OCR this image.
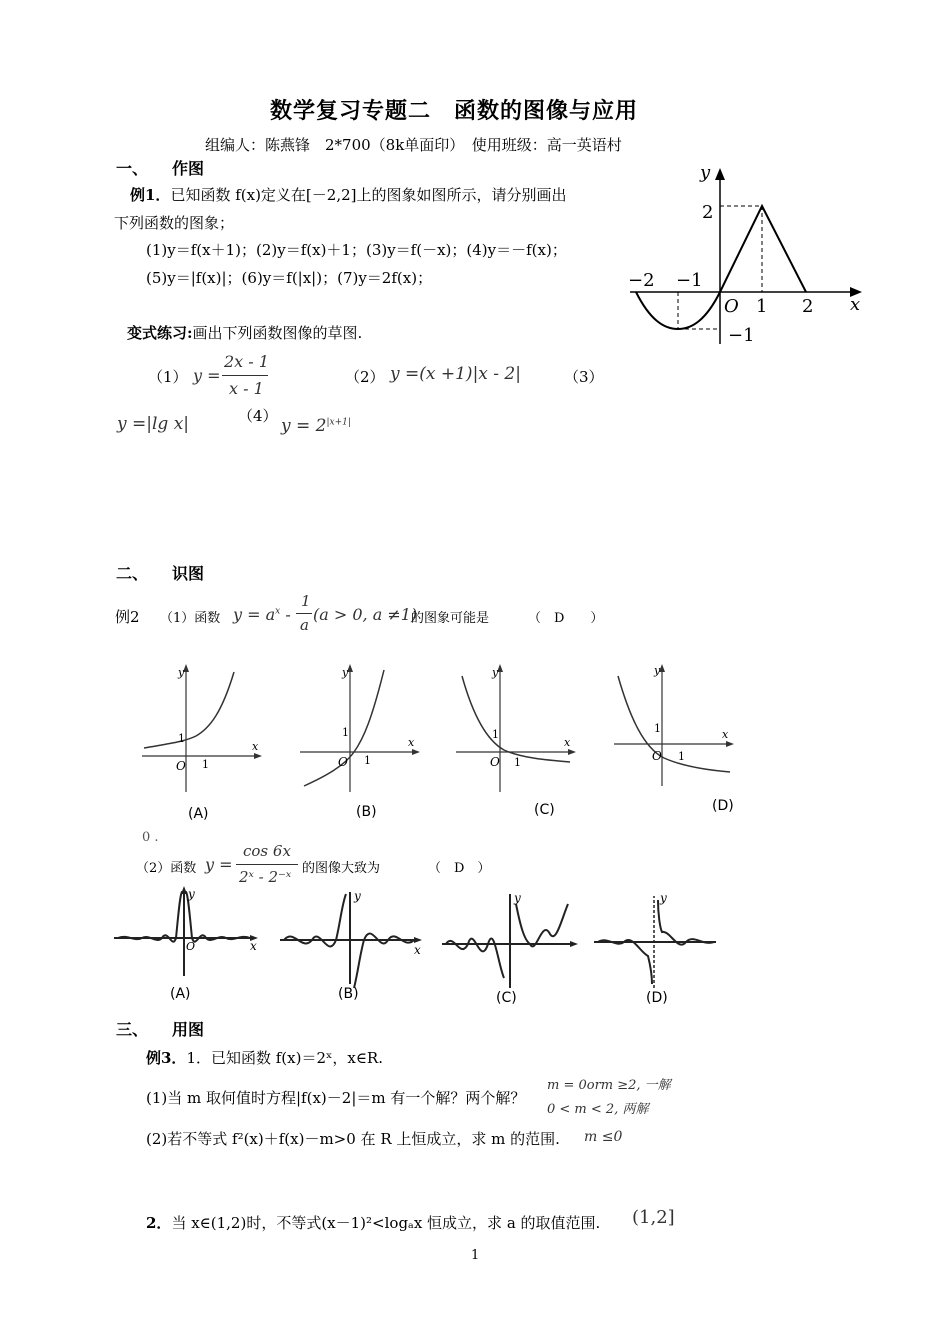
数学复习专题二　函数的图像与应用
组编人：陈燕锋　2*700（8k单面印）　使用班级：高一英语村
一、　　作图
例1．已知函数 f(x)定义在[－2,2]上的图象如图所示，请分别画出
下列函数的图象；
(1)y＝f(x＋1)；(2)y＝f(x)＋1；(3)y＝f(－x)；(4)y＝－f(x)；
(5)y＝|f(x)|；(6)y＝f(|x|)；(7)y＝2f(x)；
y
x
O
2
−1
−2 −1
1 2
变式练习:画出下列函数图像的草图.
（1） y =
2x - 1
x - 1
（2） y =(x +1)|x - 2|	（3）
y =|lg x|	（4） $y = 2^{|x+1|}$
二、　　识图
例2 （1）函数 $y = a^x$ -
1
a
(a > 0, a ≠1)
的图象可能是	（　D　　）
y
x
O
1
1
(A)
y
x
O
1
1
(B)
y
x
O
1
1
(C)
y
x
O
1
1
(D)
0 .
（2）函数 y =
cos 6x
2ˣ - 2⁻ˣ 的图像大致为	（　D　）
y
x
O
(A)
y
x
(B)
y
(C)
y
(D)
三、　　用图
例3．1．已知函数 f(x)＝2ˣ，x∈R.
(1)当 m 取何值时方程|f(x)－2|＝m 有一个解？两个解？
m = 0orm ≥2, 一解
0 < m < 2, 两解
(2)若不等式 f²(x)＋f(x)－m>0 在 R 上恒成立，求 m 的范围. m ≤0
2．当 x∈(1,2)时，不等式(x－1)²<logₐx 恒成立，求 a 的取值范围. (1,2]
1
